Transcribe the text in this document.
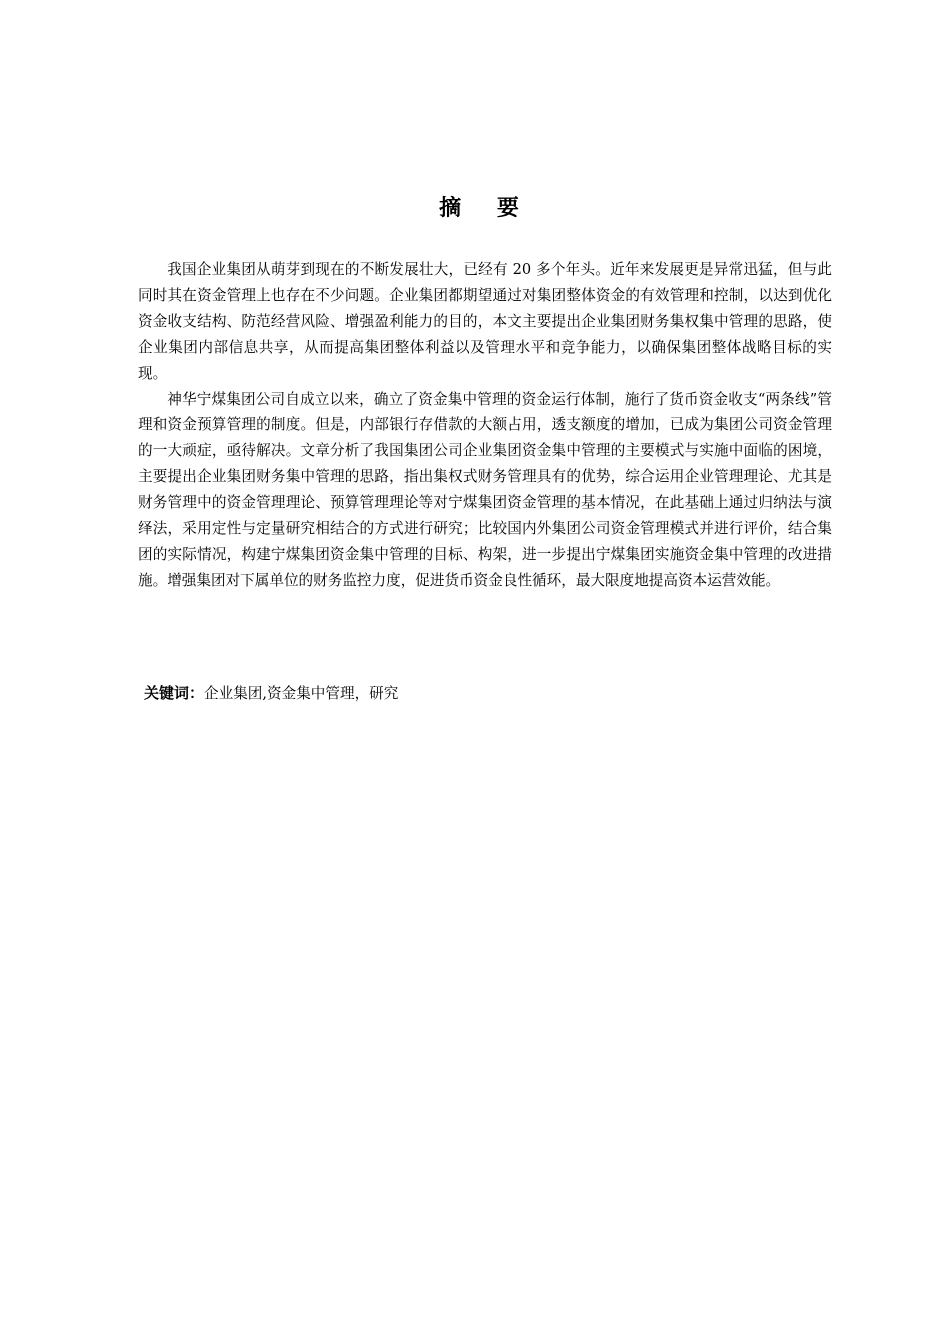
摘 要

我国企业集团从萌芽到现在的不断发展壮大，已经有 20 多个年头。近年来发展更是异常迅猛，但与此同时其在资金管理上也存在不少问题。企业集团都期望通过对集团整体资金的有效管理和控制，以达到优化资金收支结构、防范经营风险、增强盈利能力的目的，本文主要提出企业集团财务集权集中管理的思路，使企业集团内部信息共享，从而提高集团整体利益以及管理水平和竞争能力，以确保集团整体战略目标的实现。

神华宁煤集团公司自成立以来，确立了资金集中管理的资金运行体制，施行了货币资金收支“两条线”管理和资金预算管理的制度。但是，内部银行存借款的大额占用，透支额度的增加，已成为集团公司资金管理的一大顽症，亟待解决。文章分析了我国集团公司企业集团资金集中管理的主要模式与实施中面临的困境，主要提出企业集团财务集中管理的思路，指出集权式财务管理具有的优势，综合运用企业管理理论、尤其是财务管理中的资金管理理论、预算管理理论等对宁煤集团资金管理的基本情况，在此基础上通过归纳法与演绎法，采用定性与定量研究相结合的方式进行研究；比较国内外集团公司资金管理模式并进行评价，结合集团的实际情况，构建宁煤集团资金集中管理的目标、构架，进一步提出宁煤集团实施资金集中管理的改进措施。增强集团对下属单位的财务监控力度，促进货币资金良性循环，最大限度地提高资本运营效能。

关键词：企业集团,资金集中管理，研究
